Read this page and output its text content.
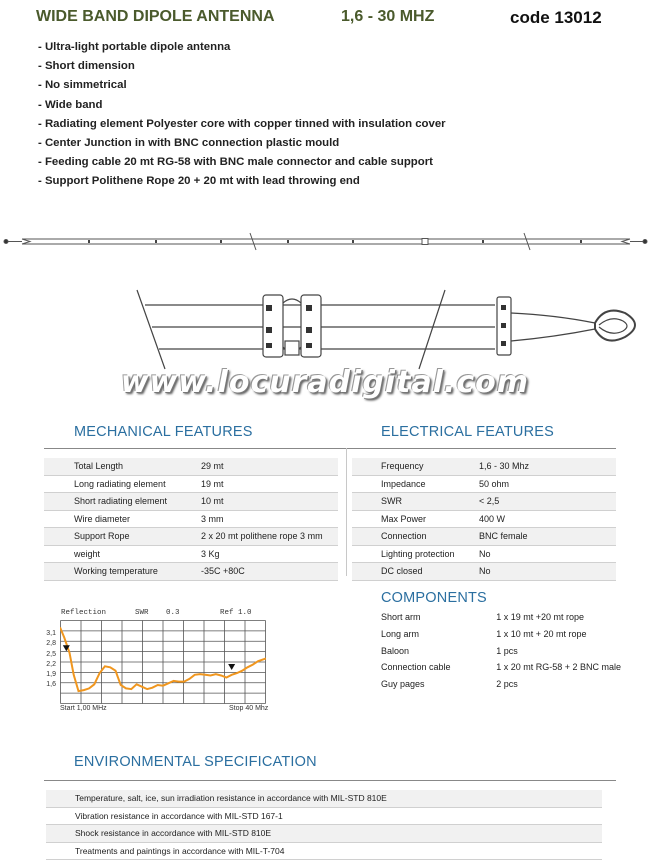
WIDE BAND DIPOLE ANTENNA	1,6 - 30 MHZ	code 13012
- Ultra-light portable dipole antenna
- Short dimension
- No simmetrical
- Wide band
- Radiating element Polyester core with copper tinned with insulation cover
- Center Junction in with BNC connection plastic mould
- Feeding cable 20 mt RG-58 with BNC male connector and cable support
- Support Polithene Rope 20 + 20 mt with lead throwing end
www.locuradigital.com
MECHANICAL FEATURES	ELECTRICAL FEATURES
Total Length	29 mt
Long radiating element	19 mt
Short radiating element	10 mt
Wire diameter	3 mm
Support Rope	2 x 20 mt polithene rope 3 mm
weight	3 Kg
Working temperature	-35C +80C
Frequency	1,6 - 30 Mhz
Impedance	50 ohm
SWR	< 2,5
Max Power	400 W
Connection	BNC female
Lighting protection	No
DC closed	No
COMPONENTS
Short arm	1 x 19 mt +20 mt rope
Long arm	1 x 10 mt + 20 mt rope
Baloon	1 pcs
Connection cable	1 x 20 mt RG-58 + 2 BNC male
Guy pages	2 pcs
Reflection	SWR 0.3	Ref 1.0
3,1
2,8
2,5
2,2
1,9
1,6
Start 1,00 MHz	Stop 40 Mhz
ENVIRONMENTAL SPECIFICATION
Temperature, salt, ice, sun irradiation resistance in accordance with MIL-STD 810E
Vibration resistance in accordance with MIL-STD 167-1
Shock resistance in accordance with MIL-STD 810E
Treatments and paintings in accordance with MIL-T-704
